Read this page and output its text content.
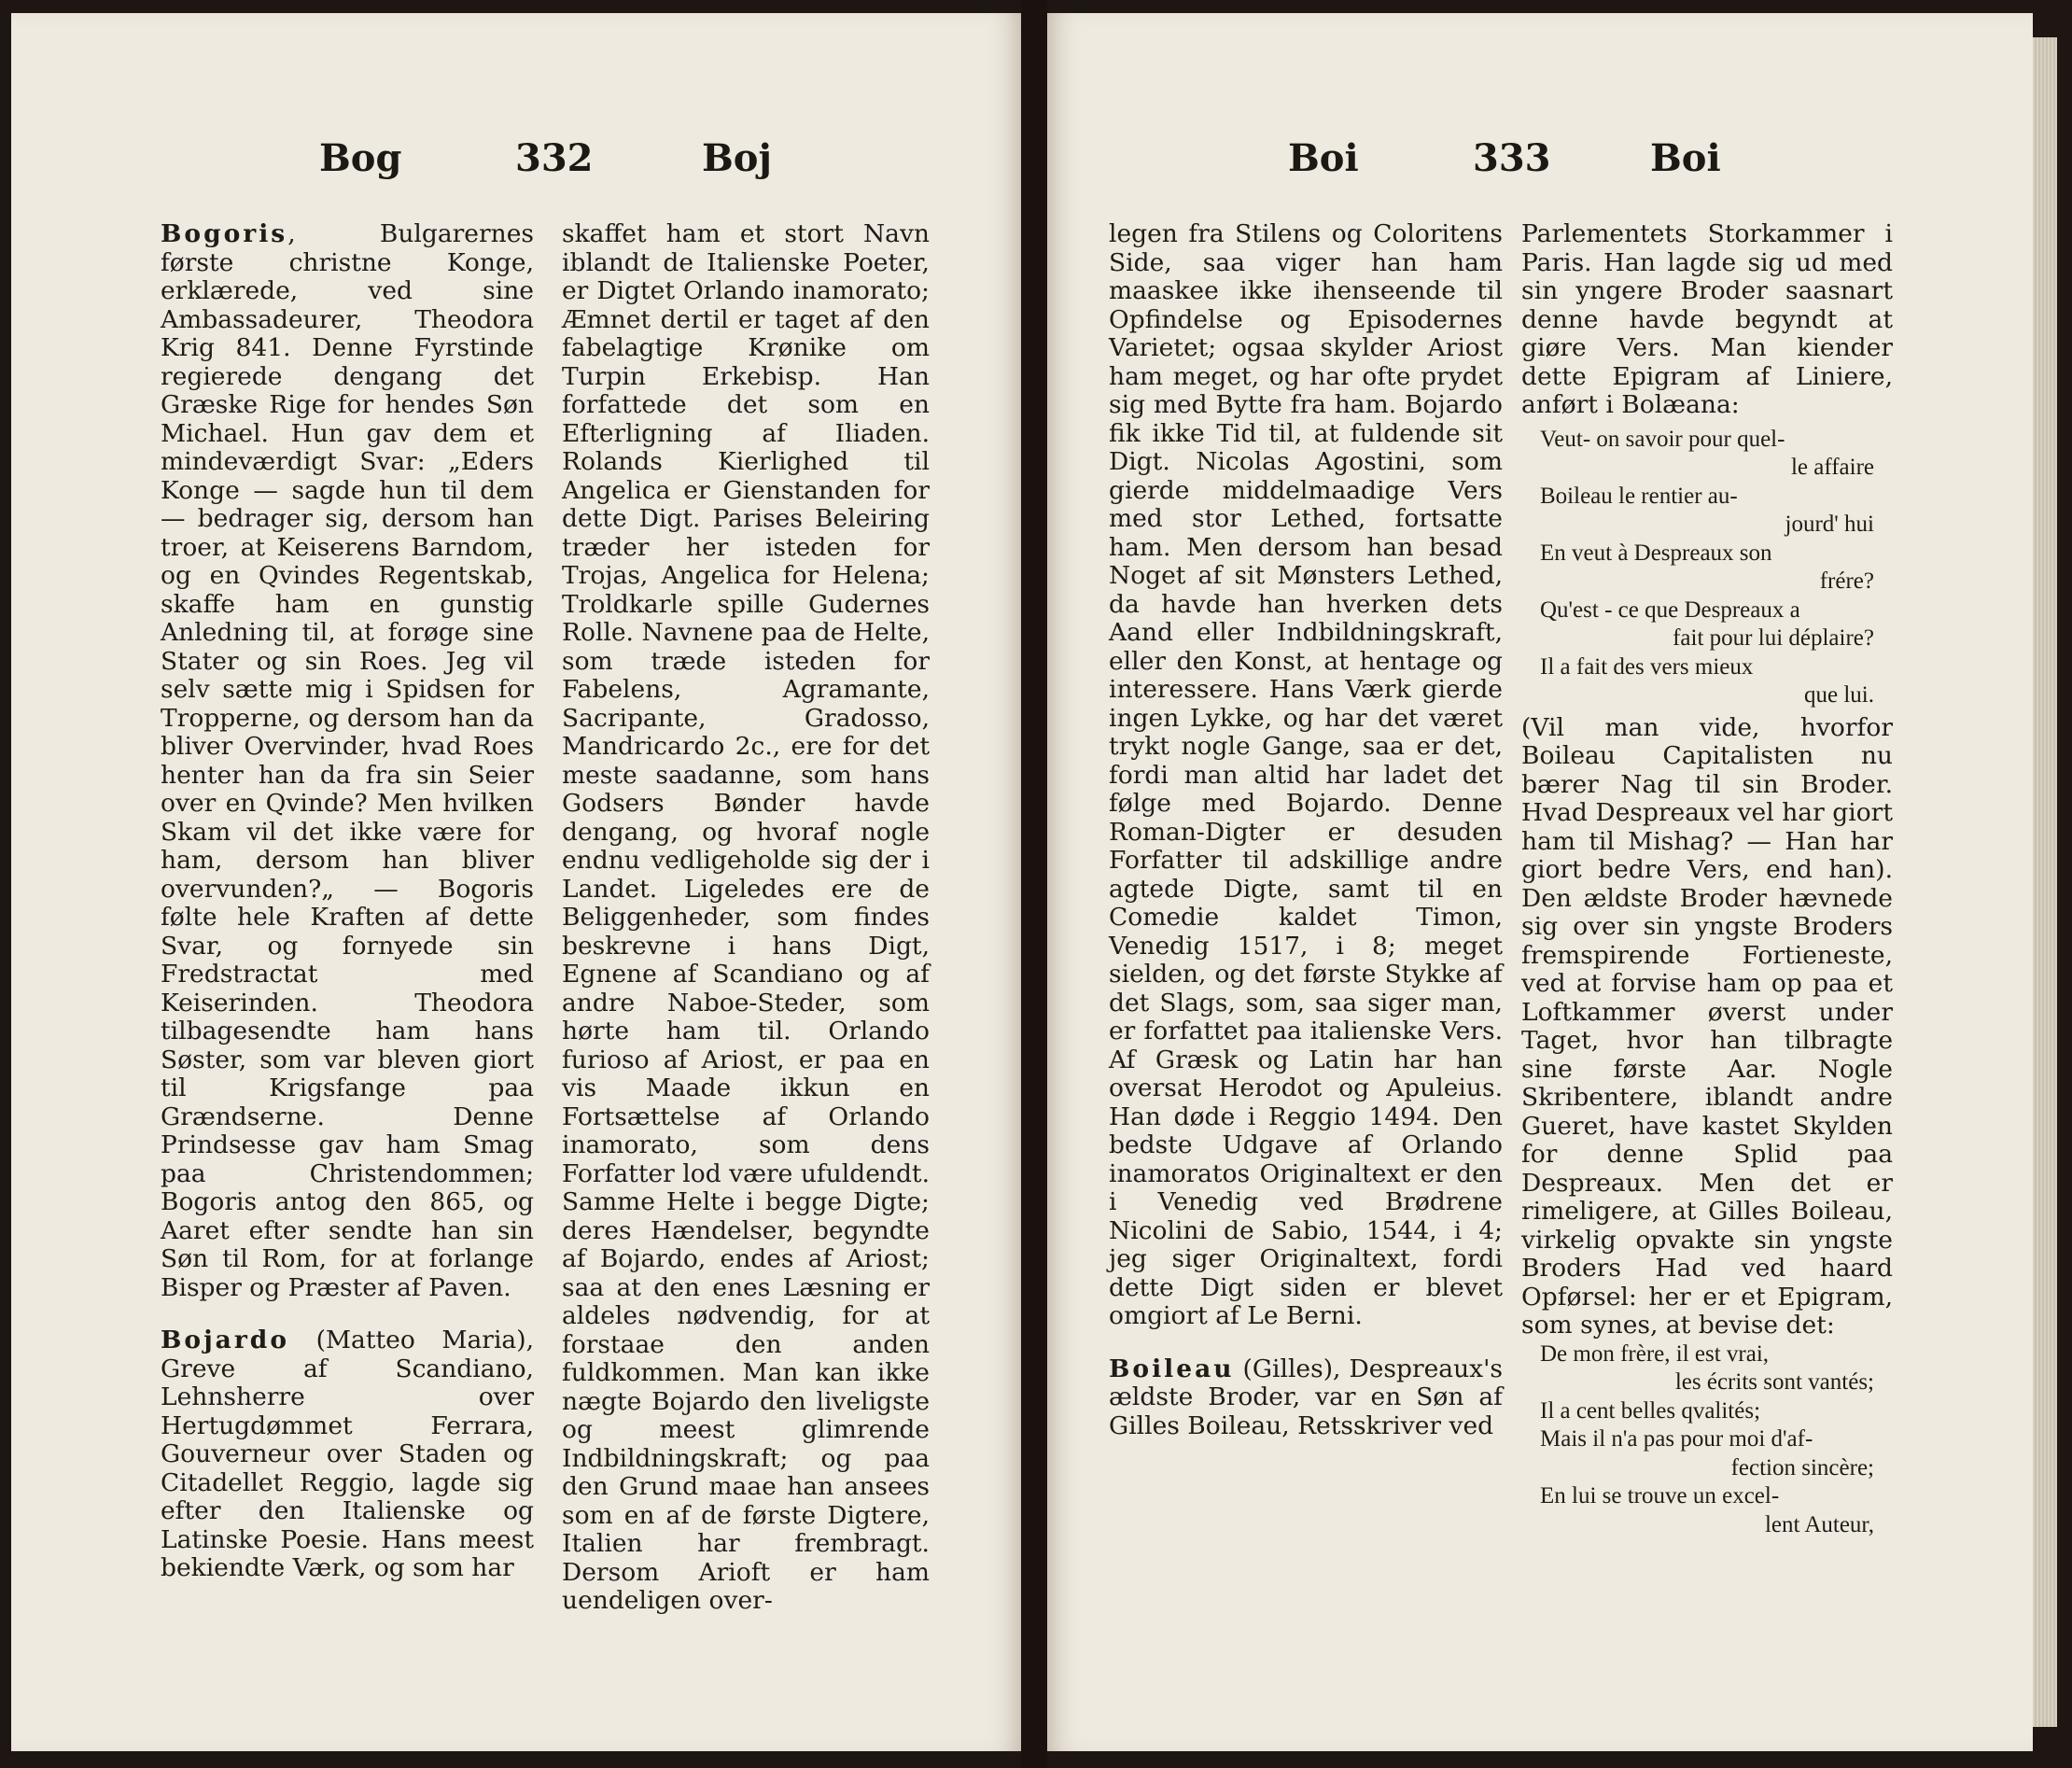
Bog	332	Boj

Bogoris, Bulgarernes første christne Konge, erklærede, ved sine Ambassadeurer, Theodora Krig 841. Denne Fyrstinde regierede dengang det Græske Rige for hendes Søn Michael. Hun gav dem et mindeværdigt Svar: „Eders Konge — sagde hun til dem — bedrager sig, dersom han troer, at Keiserens Barndom, og en Qvindes Regentskab, skaffe ham en gunstig Anledning til, at forøge sine Stater og sin Roes. Jeg vil selv sætte mig i Spidsen for Tropperne, og dersom han da bliver Overvinder, hvad Roes henter han da fra sin Seier over en Qvinde? Men hvilken Skam vil det ikke være for ham, dersom han bliver overvunden?„ — Bogoris følte hele Kraften af dette Svar, og fornyede sin Fredstractat med Keiserinden. Theodora tilbagesendte ham hans Søster, som var bleven giort til Krigsfange paa Grændserne. Denne Prindsesse gav ham Smag paa Christendommen; Bogoris antog den 865, og Aaret efter sendte han sin Søn til Rom, for at forlange Bisper og Præster af Paven.

Bojardo (Matteo Maria), Greve af Scandiano, Lehnsherre over Hertugdømmet Ferrara, Gouverneur over Staden og Citadellet Reggio, lagde sig efter den Italienske og Latinske Poesie. Hans meest bekiendte Værk, og som har

skaffet ham et stort Navn iblandt de Italienske Poeter, er Digtet Orlando inamorato; Æmnet dertil er taget af den fabelagtige Krønike om Turpin Erkebisp. Han forfattede det som en Efterligning af Iliaden. Rolands Kierlighed til Angelica er Gienstanden for dette Digt. Parises Beleiring træder her isteden for Trojas, Angelica for Helena; Troldkarle spille Gudernes Rolle. Navnene paa de Helte, som træde isteden for Fabelens, Agramante, Sacripante, Gradosso, Mandricardo 2c., ere for det meste saadanne, som hans Godsers Bønder havde dengang, og hvoraf nogle endnu vedligeholde sig der i Landet. Ligeledes ere de Beliggenheder, som findes beskrevne i hans Digt, Egnene af Scandiano og af andre Naboe-Steder, som hørte ham til. Orlando furioso af Ariost, er paa en vis Maade ikkun en Fortsættelse af Orlando inamorato, som dens Forfatter lod være ufuldendt. Samme Helte i begge Digte; deres Hændelser, begyndte af Bojardo, endes af Ariost; saa at den enes Læsning er aldeles nødvendig, for at forstaae den anden fuldkommen. Man kan ikke nægte Bojardo den liveligste og meest glimrende Indbildningskraft; og paa den Grund maae han ansees som en af de første Digtere, Italien har frembragt. Dersom Arioft er ham uendeligen over-

Boi	333	Boi

legen fra Stilens og Coloritens Side, saa viger han ham maaskee ikke ihenseende til Opfindelse og Episodernes Varietet; ogsaa skylder Ariost ham meget, og har ofte prydet sig med Bytte fra ham. Bojardo fik ikke Tid til, at fuldende sit Digt. Nicolas Agostini, som gierde middelmaadige Vers med stor Lethed, fortsatte ham. Men dersom han besad Noget af sit Mønsters Lethed, da havde han hverken dets Aand eller Indbildningskraft, eller den Konst, at hentage og interessere. Hans Værk gierde ingen Lykke, og har det været trykt nogle Gange, saa er det, fordi man altid har ladet det følge med Bojardo. Denne Roman-Digter er desuden Forfatter til adskillige andre agtede Digte, samt til en Comedie kaldet Timon, Venedig 1517, i 8; meget sielden, og det første Stykke af det Slags, som, saa siger man, er forfattet paa italienske Vers. Af Græsk og Latin har han oversat Herodot og Apuleius. Han døde i Reggio 1494. Den bedste Udgave af Orlando inamoratos Originaltext er den i Venedig ved Brødrene Nicolini de Sabio, 1544, i 4; jeg siger Originaltext, fordi dette Digt siden er blevet omgiort af Le Berni.

Boileau (Gilles), Despreaux's ældste Broder, var en Søn af Gilles Boileau, Retsskriver ved

Parlementets Storkammer i Paris. Han lagde sig ud med sin yngere Broder saasnart denne havde begyndt at giøre Vers. Man kiender dette Epigram af Liniere, anført i Bolæana:

Veut- on savoir pour quel-
le affaire
Boileau le rentier au-
jourd' hui
En veut à Despreaux son
frére?
Qu'est - ce que Despreaux a
fait pour lui déplaire?
Il a fait des vers mieux
que lui.

(Vil man vide, hvorfor Boileau Capitalisten nu bærer Nag til sin Broder. Hvad Despreaux vel har giort ham til Mishag? — Han har giort bedre Vers, end han). Den ældste Broder hævnede sig over sin yngste Broders fremspirende Fortieneste, ved at forvise ham op paa et Loftkammer øverst under Taget, hvor han tilbragte sine første Aar. Nogle Skribentere, iblandt andre Gueret, have kastet Skylden for denne Splid paa Despreaux. Men det er rimeligere, at Gilles Boileau, virkelig opvakte sin yngste Broders Had ved haard Opførsel: her er et Epigram, som synes, at bevise det:

De mon frère, il est vrai,
les écrits sont vantés;
Il a cent belles qvalités;
Mais il n'a pas pour moi d'af-
fection sincère;
En lui se trouve un excel-
lent Auteur,
